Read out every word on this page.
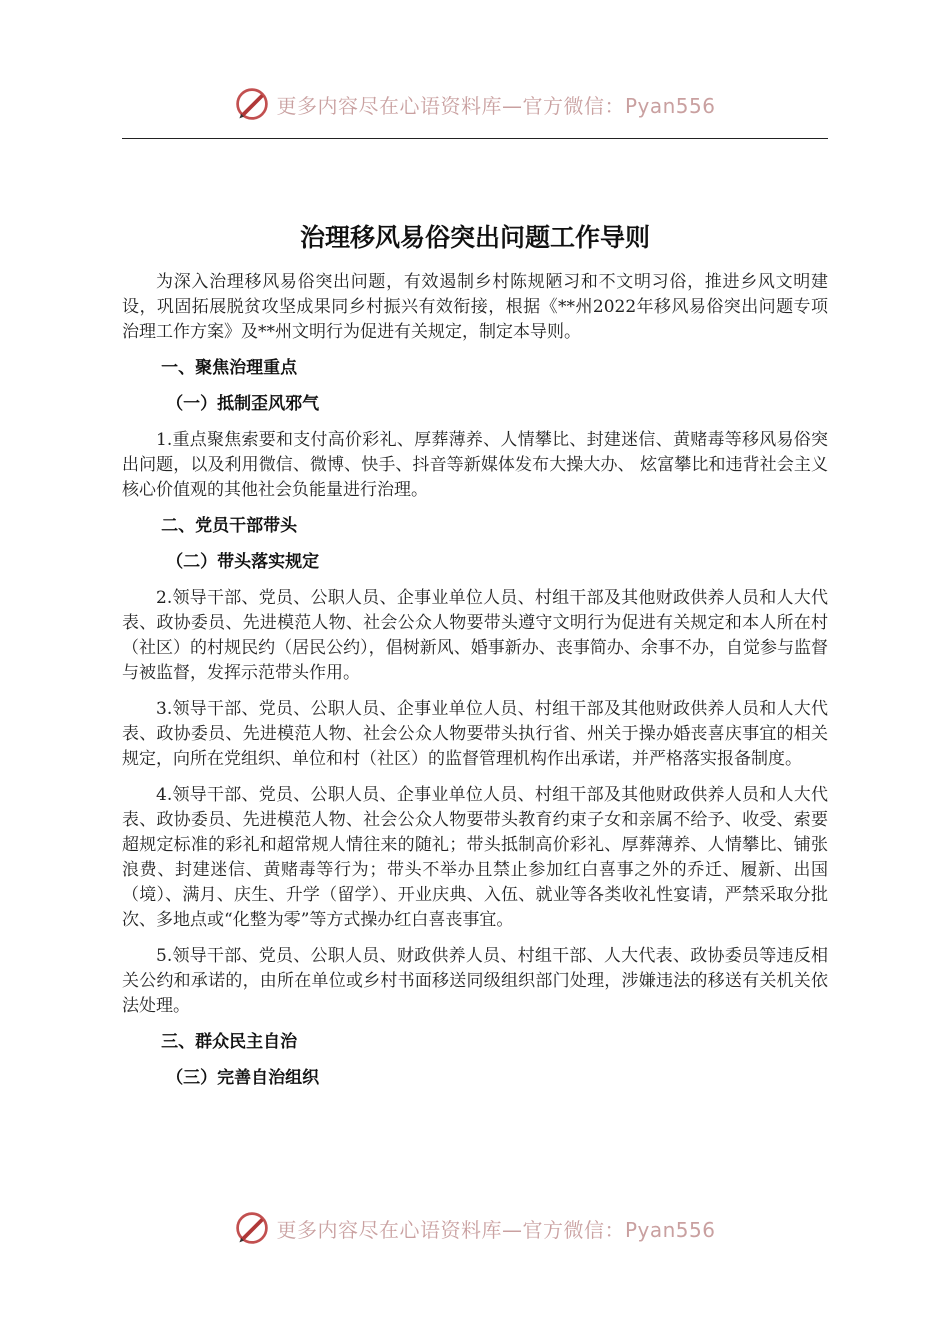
更多内容尽在心语资料库—官方微信：Pyan556
治理移风易俗突出问题工作导则

为深入治理移风易俗突出问题，有效遏制乡村陈规陋习和不文明习俗，推进乡风文明建设，巩固拓展脱贫攻坚成果同乡村振兴有效衔接，根据《**州2022年移风易俗突出问题专项治理工作方案》及**州文明行为促进有关规定，制定本导则。

一、聚焦治理重点
（一）抵制歪风邪气

1.重点聚焦索要和支付高价彩礼、厚葬薄养、人情攀比、封建迷信、黄赌毒等移风易俗突出问题，以及利用微信、微博、快手、抖音等新媒体发布大操大办、 炫富攀比和违背社会主义核心价值观的其他社会负能量进行治理。

二、党员干部带头
（二）带头落实规定

2.领导干部、党员、公职人员、企事业单位人员、村组干部及其他财政供养人员和人大代表、政协委员、先进模范人物、社会公众人物要带头遵守文明行为促进有关规定和本人所在村（社区）的村规民约（居民公约），倡树新风、婚事新办、丧事简办、余事不办，自觉参与监督与被监督，发挥示范带头作用。

3.领导干部、党员、公职人员、企事业单位人员、村组干部及其他财政供养人员和人大代表、政协委员、先进模范人物、社会公众人物要带头执行省、州关于操办婚丧喜庆事宜的相关规定，向所在党组织、单位和村（社区）的监督管理机构作出承诺，并严格落实报备制度。

4.领导干部、党员、公职人员、企事业单位人员、村组干部及其他财政供养人员和人大代表、政协委员、先进模范人物、社会公众人物要带头教育约束子女和亲属不给予、收受、索要超规定标准的彩礼和超常规人情往来的随礼；带头抵制高价彩礼、厚葬薄养、人情攀比、铺张浪费、封建迷信、黄赌毒等行为；带头不举办且禁止参加红白喜事之外的乔迁、履新、出国（境）、满月、庆生、升学（留学）、开业庆典、入伍、就业等各类收礼性宴请，严禁采取分批次、多地点或“化整为零”等方式操办红白喜丧事宜。

5.领导干部、党员、公职人员、财政供养人员、村组干部、人大代表、政协委员等违反相关公约和承诺的，由所在单位或乡村书面移送同级组织部门处理，涉嫌违法的移送有关机关依法处理。

三、群众民主自治
（三）完善自治组织
更多内容尽在心语资料库—官方微信：Pyan556
